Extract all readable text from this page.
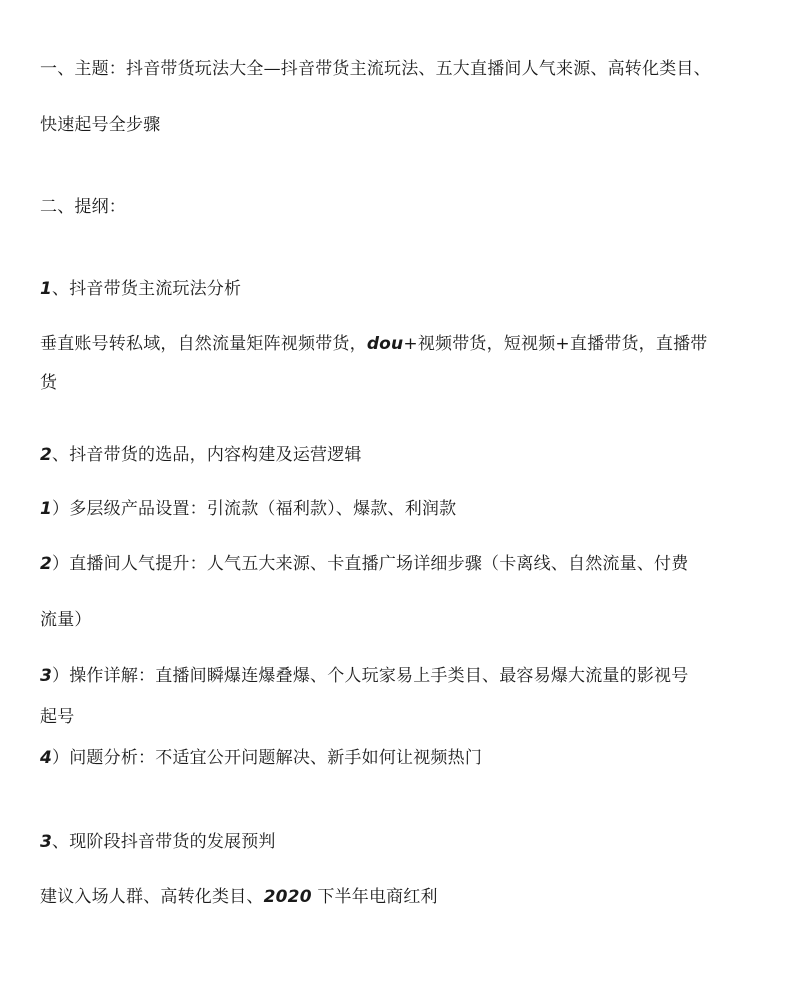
一、主题：抖音带货玩法大全—抖音带货主流玩法、五大直播间人气来源、高转化类目、

快速起号全步骤

二、提纲：

1、抖音带货主流玩法分析

垂直账号转私域，自然流量矩阵视频带货，dou+视频带货，短视频+直播带货，直播带

货

2、抖音带货的选品，内容构建及运营逻辑

1）多层级产品设置：引流款（福利款）、爆款、利润款

2）直播间人气提升：人气五大来源、卡直播广场详细步骤（卡离线、自然流量、付费

流量）

3）操作详解：直播间瞬爆连爆叠爆、个人玩家易上手类目、最容易爆大流量的影视号

起号

4）问题分析：不适宜公开问题解决、新手如何让视频热门

3、现阶段抖音带货的发展预判

建议入场人群、高转化类目、2020 下半年电商红利
